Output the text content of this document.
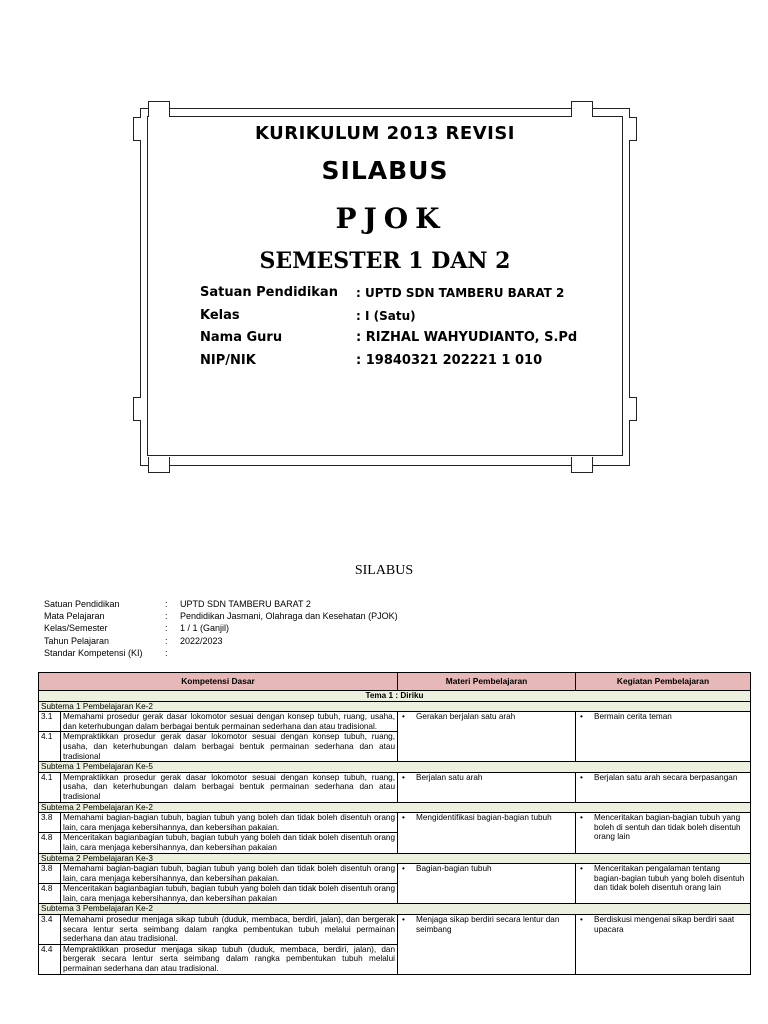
KURIKULUM 2013 REVISI
SILABUS
PJOK
SEMESTER 1 DAN 2
Satuan Pendidikan : UPTD SDN TAMBERU BARAT 2
Kelas	: I (Satu)
Nama Guru	: RIZHAL WAHYUDIANTO, S.Pd
NIP/NIK	: 19840321 202221 1 010
SILABUS
Satuan Pendidikan	: UPTD SDN TAMBERU BARAT 2
Mata Pelajaran	: Pendidikan Jasmani, Olahraga dan Kesehatan (PJOK)
Kelas/Semester	: 1 / 1 (Ganjil)
Tahun Pelajaran	: 2022/2023
Standar Kompetensi (KI) :
Kompetensi Dasar		Materi Pembelajaran	Kegiatan Pembelajaran
Tema 1 : Diriku			
Subtema 1 Pembelajaran Ke-2			
3.1	Memahami prosedur gerak dasar lokomotor sesuai dengan konsep tubuh, ruang, usaha, dan keterhubungan dalam berbagai bentuk permainan sederhana dan atau tradisional.	• Gerakan berjalan satu arah	• Bermain cerita teman

4.1	Mempraktikkan prosedur gerak dasar lokomotor sesuai dengan konsep tubuh, ruang, usaha, dan keterhubungan dalam berbagai bentuk permainan sederhana dan atau tradisional		
Subtema 1 Pembelajaran Ke-5			
4.1	Mempraktikkan prosedur gerak dasar lokomotor sesuai dengan konsep tubuh, ruang, usaha, dan keterhubungan dalam berbagai bentuk permainan sederhana dan atau tradisional	• Berjalan satu arah	• Berjalan satu arah secara berpasangan

Subtema 2 Pembelajaran Ke-2			
3.8	Memahami bagian-bagian tubuh, bagian tubuh yang boleh dan tidak boleh disentuh orang lain, cara menjaga kebersihannya, dan kebersihan pakaian.	• Mengidentifikasi bagian-bagian tubuh	• Menceritakan bagian-bagian tubuh yang boleh di sentuh dan tidak boleh disentuh orang lain

4.8	Menceritakan bagianbagian tubuh, bagian tubuh yang boleh dan tidak boleh disentuh orang lain, cara menjaga kebersihannya, dan kebersihan pakaian		
Subtema 2 Pembelajaran Ke-3			
3.8	Memahami bagian-bagian tubuh, bagian tubuh yang boleh dan tidak boleh disentuh orang lain, cara menjaga kebersihannya, dan kebersihan pakaian.	• Bagian-bagian tubuh	• Menceritakan pengalaman tentang bagian-bagian tubuh yang boleh disentuh dan tidak boleh disentuh orang lain

4.8	Menceritakan bagianbagian tubuh, bagian tubuh yang boleh dan tidak boleh disentuh orang lain, cara menjaga kebersihannya, dan kebersihan pakaian		
Subtema 3 Pembelajaran Ke-2			
3.4	Memahami prosedur menjaga sikap tubuh (duduk, membaca, berdiri, jalan), dan bergerak secara lentur serta seimbang dalam rangka pembentukan tubuh melalui permainan sederhana dan atau tradisional.	• Menjaga sikap berdiri secara lentur dan seimbang	• Berdiskusi mengenai sikap berdiri saat upacara

4.4	Mempraktikkan prosedur menjaga sikap tubuh (duduk, membaca, berdiri, jalan), dan bergerak secara lentur serta seimbang dalam rangka pembentukan tubuh melalui permainan sederhana dan atau tradisional.		
